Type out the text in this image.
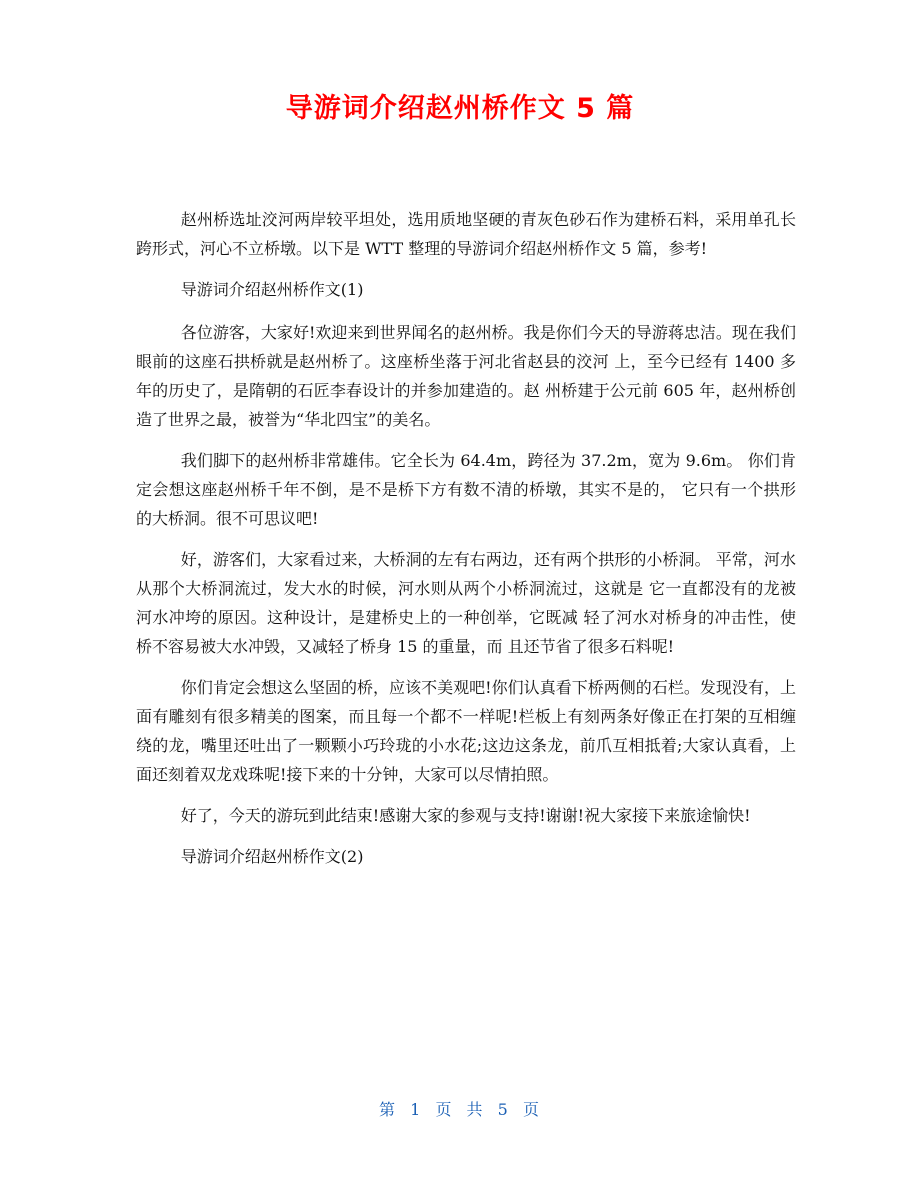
导游词介绍赵州桥作文 5 篇

赵州桥选址洨河两岸较平坦处，选用质地坚硬的青灰色砂石作为建桥石料，采用单孔长跨形式，河心不立桥墩。以下是 WTT 整理的导游词介绍赵州桥作文 5 篇，参考!

导游词介绍赵州桥作文(1)

各位游客，大家好!欢迎来到世界闻名的赵州桥。我是你们今天的导游蒋忠洁。现在我们眼前的这座石拱桥就是赵州桥了。这座桥坐落于河北省赵县的洨河 上，至今已经有 1400 多年的历史了，是隋朝的石匠李春设计的并参加建造的。赵 州桥建于公元前 605 年，赵州桥创造了世界之最，被誉为“华北四宝”的美名。

我们脚下的赵州桥非常雄伟。它全长为 64.4m，跨径为 37.2m，宽为 9.6m。 你们肯定会想这座赵州桥千年不倒，是不是桥下方有数不清的桥墩，其实不是的， 它只有一个拱形的大桥洞。很不可思议吧!

好，游客们，大家看过来，大桥洞的左有右两边，还有两个拱形的小桥洞。 平常，河水从那个大桥洞流过，发大水的时候，河水则从两个小桥洞流过，这就是 它一直都没有的龙被河水冲垮的原因。这种设计，是建桥史上的一种创举，它既减 轻了河水对桥身的冲击性，使桥不容易被大水冲毁，又减轻了桥身 15 的重量，而 且还节省了很多石料呢!

你们肯定会想这么坚固的桥，应该不美观吧!你们认真看下桥两侧的石栏。发现没有，上面有雕刻有很多精美的图案，而且每一个都不一样呢!栏板上有刻两条好像正在打架的互相缠绕的龙，嘴里还吐出了一颗颗小巧玲珑的小水花;这边这条龙，前爪互相抵着;大家认真看，上面还刻着双龙戏珠呢!接下来的十分钟，大家可以尽情拍照。

好了，今天的游玩到此结束!感谢大家的参观与支持!谢谢!祝大家接下来旅途愉快!

导游词介绍赵州桥作文(2)

第 1 页 共 5 页
